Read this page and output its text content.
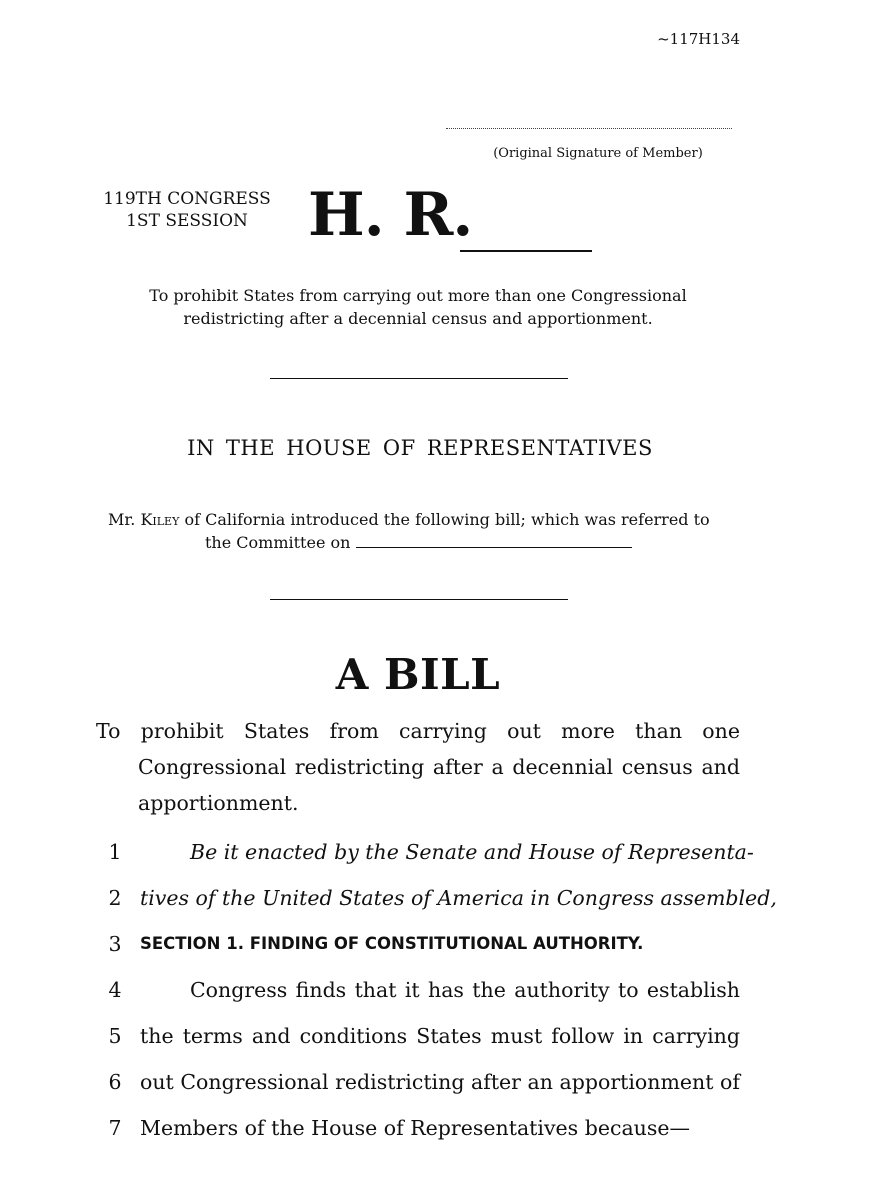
~117H134
(Original Signature of Member)
119TH CONGRESS
1ST SESSION	H. R.
To prohibit States from carrying out more than one Congressional
redistricting after a decennial census and apportionment.
IN THE HOUSE OF REPRESENTATIVES
Mr. Kiley of California introduced the following bill; which was referred to
the Committee on
A BILL

To prohibit States from carrying out more than one Congressional redistricting after a decennial census and apportionment.

1	Be it enacted by the Senate and House of Representa-
2 tives of the United States of America in Congress assembled,
3 SECTION 1. FINDING OF CONSTITUTIONAL AUTHORITY.
4	Congress finds that it has the authority to establish
5 the terms and conditions States must follow in carrying
6 out Congressional redistricting after an apportionment of
7 Members of the House of Representatives because—
